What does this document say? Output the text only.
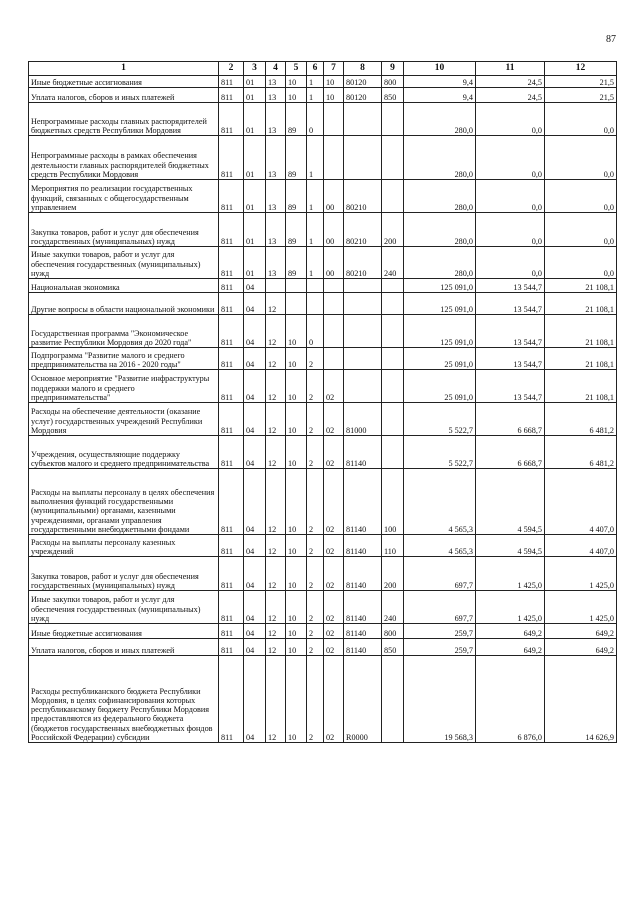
87
1	2	3	4	5	6	7	8	9	10	11	12
Иные бюджетные ассигнования	811	01	13	10	1	10	80120	800	9,4	24,5	21,5
Уплата налогов, сборов и иных платежей	811	01	13	10	1	10	80120	850	9,4	24,5	21,5
Непрограммные расходы главных распорядителей бюджетных средств Республики Мордовия	811	01	13	89	0				280,0	0,0	0,0
Непрограммные расходы в рамках обеспечения деятельности главных распорядителей бюджетных средств Республики Мордовия	811	01	13	89	1				280,0	0,0	0,0
Мероприятия по реализации государственных функций, связанных с общегосударственным управлением	811	01	13	89	1	00	80210		280,0	0,0	0,0
Закупка товаров, работ и услуг для обеспечения государственных (муниципальных) нужд	811	01	13	89	1	00	80210	200	280,0	0,0	0,0
Иные закупки товаров, работ и услуг для обеспечения государственных (муниципальных) нужд	811	01	13	89	1	00	80210	240	280,0	0,0	0,0
Национальная экономика	811	04							125 091,0	13 544,7	21 108,1
Другие вопросы в области национальной экономики	811	04	12						125 091,0	13 544,7	21 108,1
Государственная программа "Экономическое развитие Республики Мордовия до 2020 года"	811	04	12	10	0				125 091,0	13 544,7	21 108,1
Подпрограмма "Развитие малого и среднего предпринимательства на 2016 - 2020 годы"	811	04	12	10	2				25 091,0	13 544,7	21 108,1
Основное мероприятие "Развитие инфраструктуры поддержки малого и среднего предпринимательства"	811	04	12	10	2	02			25 091,0	13 544,7	21 108,1
Расходы на обеспечение деятельности (оказание услуг) государственных учреждений Республики Мордовия	811	04	12	10	2	02	81000		5 522,7	6 668,7	6 481,2
Учреждения, осуществляющие поддержку субъектов малого и среднего предпринимательства	811	04	12	10	2	02	81140		5 522,7	6 668,7	6 481,2
Расходы на выплаты персоналу в целях обеспечения выполнения функций государственными (муниципальными) органами, казенными учреждениями, органами управления государственными внебюджетными фондами	811	04	12	10	2	02	81140	100	4 565,3	4 594,5	4 407,0
Расходы на выплаты персоналу казенных учреждений	811	04	12	10	2	02	81140	110	4 565,3	4 594,5	4 407,0
Закупка товаров, работ и услуг для обеспечения государственных (муниципальных) нужд	811	04	12	10	2	02	81140	200	697,7	1 425,0	1 425,0
Иные закупки товаров, работ и услуг для обеспечения государственных (муниципальных) нужд	811	04	12	10	2	02	81140	240	697,7	1 425,0	1 425,0
Иные бюджетные ассигнования	811	04	12	10	2	02	81140	800	259,7	649,2	649,2
Уплата налогов, сборов и иных платежей	811	04	12	10	2	02	81140	850	259,7	649,2	649,2
Расходы республиканского бюджета Республики Мордовия, в целях софинансирования которых республиканскому бюджету Республики Мордовия предоставляются из федерального бюджета (бюджетов государственных внебюджетных фондов Российской Федерации) субсидии	811	04	12	10	2	02	R0000		19 568,3	6 876,0	14 626,9
